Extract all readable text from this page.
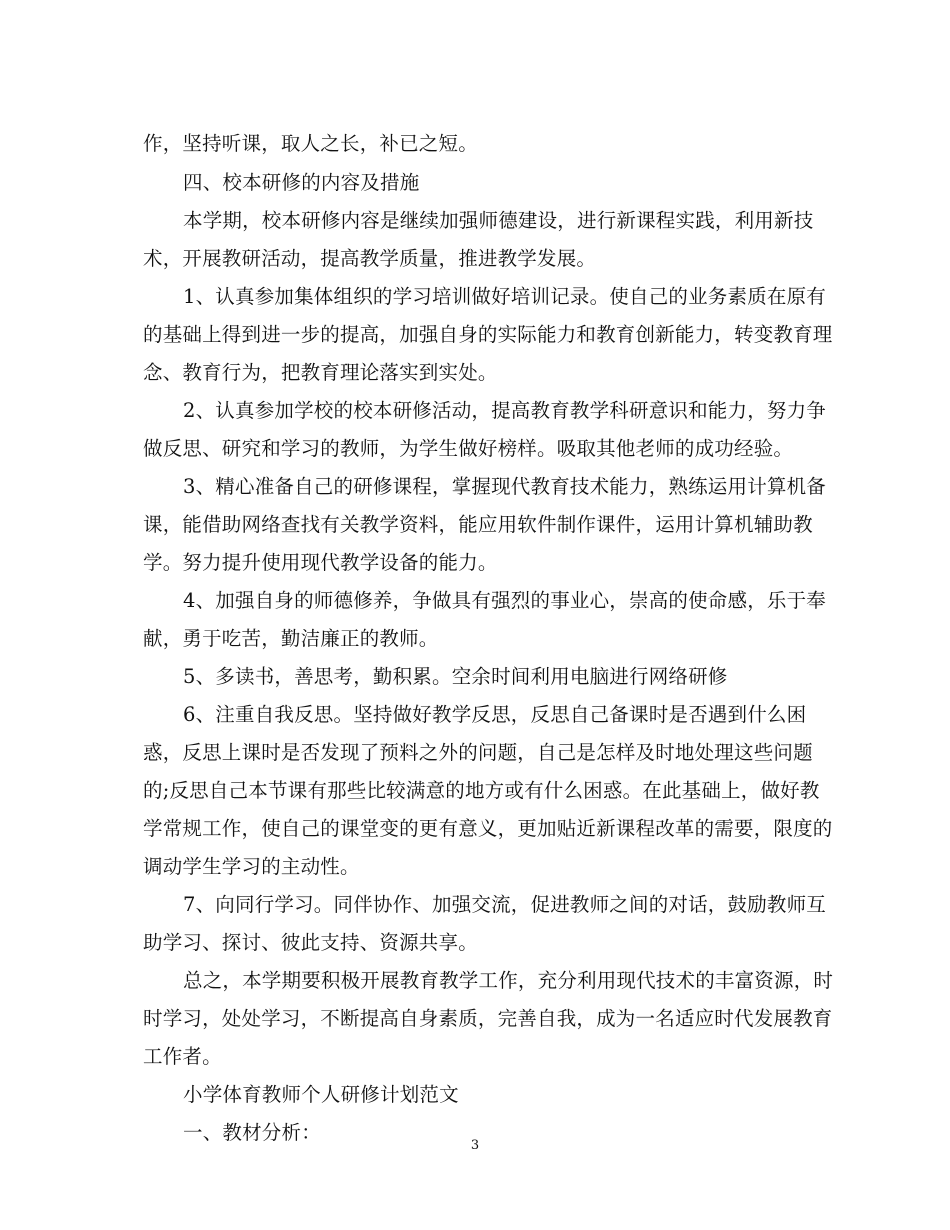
作，坚持听课，取人之长，补已之短。
四、校本研修的内容及措施
本学期，校本研修内容是继续加强师德建设，进行新课程实践，利用新技
术，开展教研活动，提高教学质量，推进教学发展。
1、认真参加集体组织的学习培训做好培训记录。使自己的业务素质在原有
的基础上得到进一步的提高，加强自身的实际能力和教育创新能力，转变教育理
念、教育行为，把教育理论落实到实处。
2、认真参加学校的校本研修活动，提高教育教学科研意识和能力，努力争
做反思、研究和学习的教师，为学生做好榜样。吸取其他老师的成功经验。
3、精心准备自己的研修课程，掌握现代教育技术能力，熟练运用计算机备
课，能借助网络查找有关教学资料，能应用软件制作课件，运用计算机辅助教
学。努力提升使用现代教学设备的能力。
4、加强自身的师德修养，争做具有强烈的事业心，崇高的使命感，乐于奉
献，勇于吃苦，勤洁廉正的教师。
5、多读书，善思考，勤积累。空余时间利用电脑进行网络研修
6、注重自我反思。坚持做好教学反思，反思自己备课时是否遇到什么困
惑，反思上课时是否发现了预料之外的问题，自己是怎样及时地处理这些问题
的;反思自己本节课有那些比较满意的地方或有什么困惑。在此基础上，做好教
学常规工作，使自己的课堂变的更有意义，更加贴近新课程改革的需要，限度的
调动学生学习的主动性。
7、向同行学习。同伴协作、加强交流，促进教师之间的对话，鼓励教师互
助学习、探讨、彼此支持、资源共享。
总之，本学期要积极开展教育教学工作，充分利用现代技术的丰富资源，时
时学习，处处学习，不断提高自身素质，完善自我，成为一名适应时代发展教育
工作者。
小学体育教师个人研修计划范文
一、教材分析：
3
